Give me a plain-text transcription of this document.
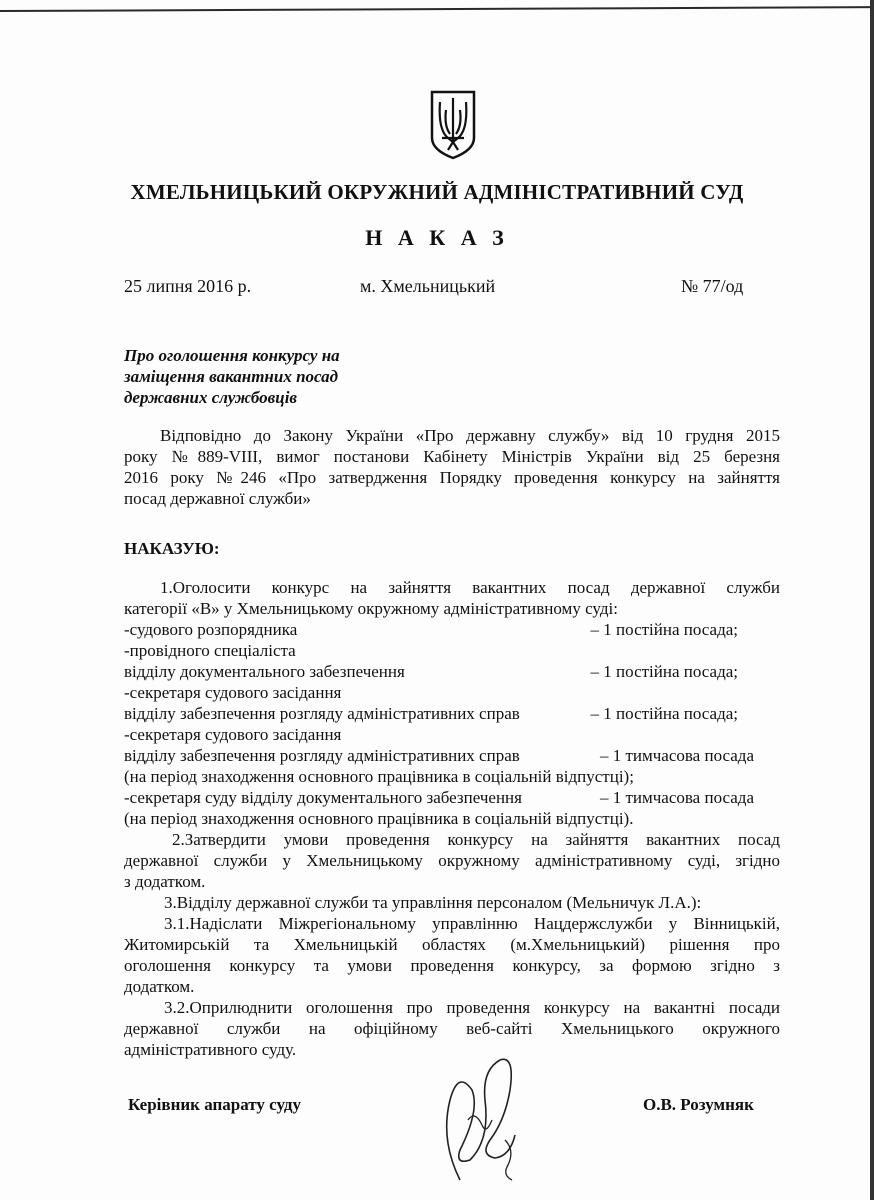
ХМЕЛЬНИЦЬКИЙ ОКРУЖНИЙ АДМІНІСТРАТИВНИЙ СУД
Н А К А З
25 липня 2016 р.	м. Хмельницький	№ 77/од
Про оголошення конкурсу на
заміщення вакантних посад
державних службовців
Відповідно до Закону України «Про державну службу» від 10 грудня 2015
року №889-VIII, вимог постанови Кабінету Міністрів України від 25 березня
2016 року №246 «Про затвердження Порядку проведення конкурсу на зайняття
посад державної служби»
НАКАЗУЮ:
1.Оголосити конкурс на зайняття вакантних посад державної служби
категорії «В» у Хмельницькому окружному адміністративному суді:
-судового розпорядника	– 1 постійна посада;
-провідного спеціаліста
відділу документального забезпечення	– 1 постійна посада;
-секретаря судового засідання
відділу забезпечення розгляду адміністративних справ	– 1 постійна посада;
-секретаря судового засідання
відділу забезпечення розгляду адміністративних справ	– 1 тимчасова посада
(на період знаходження основного працівника в соціальній відпустці);
-секретаря суду відділу документального забезпечення	– 1 тимчасова посада
(на період знаходження основного працівника в соціальній відпустці).
2.Затвердити умови проведення конкурсу на зайняття вакантних посад
державної служби у Хмельницькому окружному адміністративному суді, згідно
з додатком.
3.Відділу державної служби та управління персоналом (Мельничук Л.А.):
3.1.Надіслати Міжрегіональному управлінню Нацдержслужби у Вінницькій,
Житомирській та Хмельницькій областях (м.Хмельницький) рішення про
оголошення конкурсу та умови проведення конкурсу, за формою згідно з
додатком.
3.2.Оприлюднити оголошення про проведення конкурсу на вакантні посади
державної служби на офіційному веб-сайті Хмельницького окружного
адміністративного суду.
Керівник апарату суду	О.В. Розумняк
